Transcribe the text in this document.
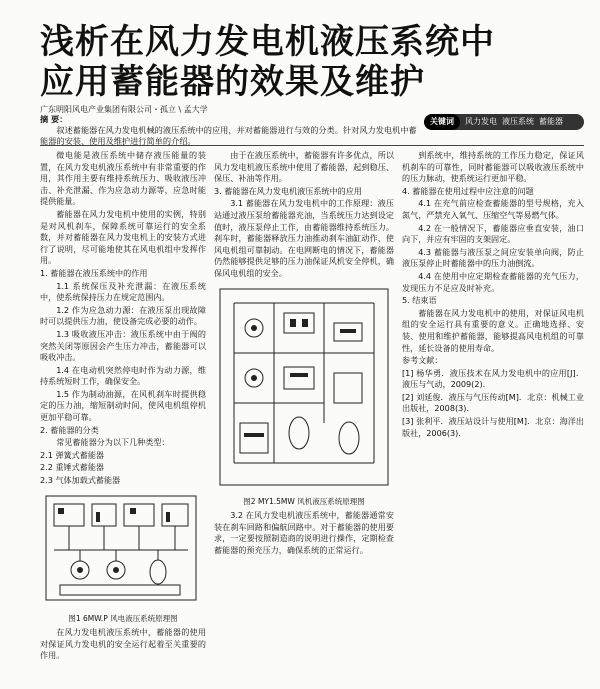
浅析在风力发电机液压系统中
应用蓄能器的效果及维护
广东明阳风电产业集团有限公司・孤立 \ 孟大学
摘 要：
叙述蓄能器在风力发电机械的液压系统中的应用，并对蓄能器进行与效的分类。针对风力发电机中蓄能器的安装、使用及维护进行简单的介绍。
关键词 风力发电 液压系统 蓄能器

微电能是液压系统中储存液压能量的装置，在风力发电机液压系统中有非常重要的作用，其作用主要有维持系统压力、吸收液压冲击、补充泄漏、作为应急动力源等，应急时能提供能量。

蓄能器在风力发电机中使用的实例，特别是对风机刹车，保障系统可靠运行的安全系数，并对蓄能器在风力发电机上的安装方式进行了说明，尽可能地使其在风电机组中发挥作用。

1. 蓄能器在液压系统中的作用

1.1 系统保压及补充泄漏：在液压系统中，使系统保持压力在规定范围内。

1.2 作为应急动力源：在液压泵出现故障时可以提供压力油，使设备完成必要的动作。

1.3 吸收液压冲击：液压系统中由于阀的突然关闭等原因会产生压力冲击，蓄能器可以吸收冲击。

1.4 在电动机突然停电时作为动力源，维持系统短时工作，确保安全。

1.5 作为制动油源，在风机刹车时提供稳定的压力油，缩短制动时间，使风电机组停机更加平稳可靠。

2. 蓄能器的分类

常见蓄能器分为以下几种类型：

2.1 弹簧式蓄能器

2.2 重锤式蓄能器

2.3 气体加载式蓄能器

图1 6MW.P 风电液压系统原理图

在风力发电机液压系统中，蓄能器的使用对保证风力发电机的安全运行起着至关重要的作用。

由于在液压系统中，蓄能器有许多优点，所以风力发电机液压系统中使用了蓄能器，起到稳压、保压、补油等作用。

3. 蓄能器在风力发电机液压系统中的应用

3.1 蓄能器在风力发电机中的工作原理：液压站通过液压泵给蓄能器充油，当系统压力达到设定值时，液压泵停止工作，由蓄能器维持系统压力。刹车时，蓄能器释放压力油推动刹车油缸动作，使风电机组可靠制动。在电网断电的情况下，蓄能器仍然能够提供足够的压力油保证风机安全停机，确保风电机组的安全。

图2 MY1.5MW 风机液压系统原理图

3.2 在风力发电机液压系统中，蓄能器通常安装在刹车回路和偏航回路中。对于蓄能器的使用要求，一定要按照制造商的说明进行操作，定期检查蓄能器的预充压力，确保系统的正常运行。

到系统中，维持系统的工作压力稳定，保证风机刹车的可靠性，同时蓄能器可以吸收液压系统中的压力脉动，使系统运行更加平稳。

4. 蓄能器在使用过程中应注意的问题

4.1 在充气前应检查蓄能器的型号规格，充入氮气，严禁充入氧气、压缩空气等易燃气体。

4.2 在一般情况下，蓄能器应垂直安装，油口向下，并应有牢固的支架固定。

4.3 蓄能器与液压泵之间应安装单向阀，防止液压泵停止时蓄能器中的压力油倒流。

4.4 在使用中应定期检查蓄能器的充气压力，发现压力不足应及时补充。

5. 结束语

蓄能器在风力发电机中的使用，对保证风电机组的安全运行具有重要的意义。正确地选择、安装、使用和维护蓄能器，能够提高风电机组的可靠性，延长设备的使用寿命。

参考文献：

[1] 杨华勇．液压技术在风力发电机中的应用[J]．液压与气动，2009(2).

[2] 刘延俊．液压与气压传动[M]．北京：机械工业出版社，2008(3).

[3] 张利平．液压站设计与使用[M]．北京：海洋出版社，2006(3).
